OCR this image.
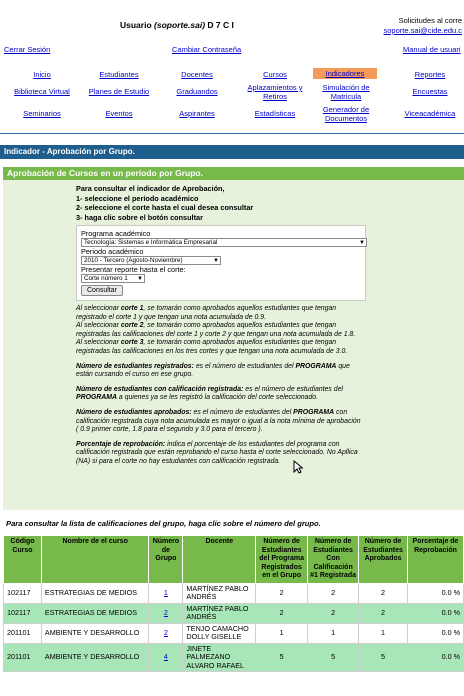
Usuario (soporte.sai) D 7 C I	Solicitudes al corre
soporte.sai@cide.edu.c
Cerrar Sesión	Cambiar Contraseña	Manual de usuari
Inicio	Estudiantes	Docentes	Cursos	Indicadores	Reportes
Biblioteca Virtual	Planes de Estudio	Graduandos	Aplazamientos y Retiros
Simulación de Matricula
Encuestas
Seminarios	Eventos	Aspirantes	Estadísticas	Generador de Documentos
Viceacadémica
Indicador - Aprobación por Grupo.
Aprobación de Cursos en un período por Grupo.
Para consultar el indicador de Aprobación,
1- seleccione el período académico
2- seleccione el corte hasta el cual desea consultar
3- haga clic sobre el botón consultar
Programa académico
Tecnología: Sistemas e Informática Empresarial	▼
Periodo académico
2010 - Tercero (Agosto-Noviembre)	▼
Presentar reporte hasta el corte:
Corte número 1 ▼
Consultar

Al seleccionar corte 1, se tomarán como aprobados aquellos estudiantes que tengan registrado el corte 1 y que tengan una nota acumulada de 0.9.

Al seleccionar corte 2, se tomarán como aprobados aquellos estudiantes que tengan registradas las calificaciones del corte 1 y corte 2 y que tengan una nota acumulada de 1.8.

Al seleccionar corte 3, se tomarán como aprobados aquellos estudiantes que tengan registradas las calificaciones en los tres cortes y que tengan una nota acumulada de 3.0.

Número de estudiantes registrados: es el número de estudiantes del PROGRAMA que están cursando el curso en ese grupo.

Número de estudiantes con calificación registrada: es el número de estudiantes del PROGRAMA a quienes ya se les registró la calificación del corte seleccionado.

Número de estudiantes aprobados: es el número de estudiantes del PROGRAMA con calificación registrada cuya nota acumulada es mayor o igual a la nota mínima de aprobación ( 0.9 primer corte, 1.8 para el segundo y 3.0 para el tercero ).

Porcentaje de reprobación: indica el porcentaje de los estudiantes del programa con calificación registrada que están reprobando el curso hasta el corte seleccionado. No Apllica (NA) si para el corte no hay estudiantes con calificación registrada.

Para consultar la lista de calificaciones del grupo, haga clic sobre el número del grupo.
Código Curso	Nombre de el curso	Número de Grupo	Docente	Número de Estudiantes del Programa Registrados en el Grupo	Número de Estudiantes Con Calificación #1 Registrada	Número de Estudiantes Aprobados	Porcentaje de Reprobación
102117	ESTRATEGIAS DE MEDIOS	1	MARTÍNEZ PABLO ANDRÉS	2	2	2	0.0 %
102117	ESTRATEGIAS DE MEDIOS	2	MARTÍNEZ PABLO ANDRÉS	2	2	2	0.0 %
201101	AMBIENTE Y DESARROLLO	2	TENJO CAMACHO DOLLY GISELLE	1	1	1	0.0 %
201101	AMBIENTE Y DESARROLLO	4	JINETE PALMEZANO ALVARO RAFAEL	5	5	5	0.0 %
